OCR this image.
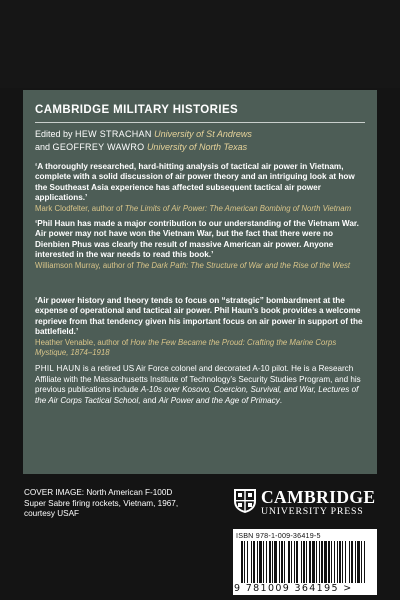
CAMBRIDGE MILITARY HISTORIES
Edited by HEW STRACHAN University of St Andrews
and GEOFFREY WAWRO University of North Texas

‘A thoroughly researched, hard-hitting analysis of tactical air power in Vietnam, complete with a solid discussion of air power theory and an intriguing look at how the Southeast Asia experience has affected subsequent tactical air power applications.’

Mark Clodfelter, author of The Limits of Air Power: The American Bombing of North Vietnam

‘Phil Haun has made a major contribution to our understanding of the Vietnam War. Air power may not have won the Vietnam War, but the fact that there were no Dienbien Phus was clearly the result of massive American air power. Anyone interested in the war needs to read this book.’

Williamson Murray, author of The Dark Path: The Structure of War and the Rise of the West

‘Air power history and theory tends to focus on “strategic” bombardment at the expense of operational and tactical air power. Phil Haun’s book provides a welcome reprieve from that tendency given his important focus on air power in support of the battlefield.’

Heather Venable, author of How the Few Became the Proud: Crafting the Marine Corps Mystique, 1874–1918

PHIL HAUN is a retired US Air Force colonel and decorated A-10 pilot. He is a Research Affiliate with the Massachusetts Institute of Technology’s Security Studies Program, and his previous publications include A-10s over Kosovo, Coercion, Survival, and War, Lectures of the Air Corps Tactical School, and Air Power and the Age of Primacy.
COVER IMAGE: North American F-100D Super Sabre firing rockets, Vietnam, 1967, courtesy USAF
CAMBRIDGE
UNIVERSITY PRESS
ISBN 978-1-009-36419-5
9 781009 364195 >
